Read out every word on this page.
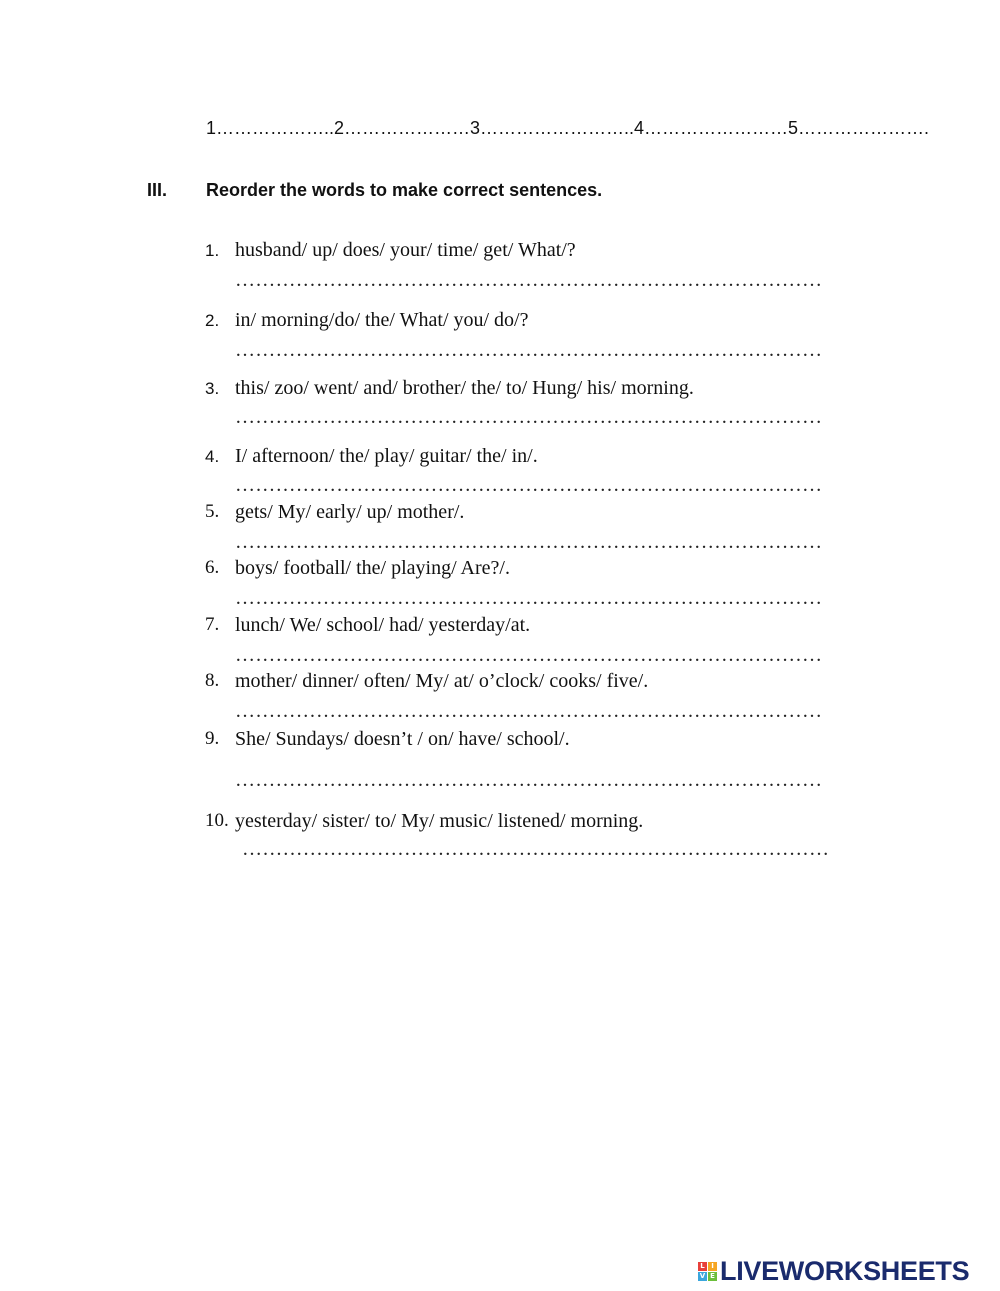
1………………..2…………………3……………………..4……………………5………………….
III. Reorder the words to make correct sentences.
1. husband/ up/ does/ your/ time/ get/ What/?
……………………………………………………………………………
2. in/ morning/do/ the/ What/ you/ do/?
……………………………………………………………………………
3. this/ zoo/ went/ and/ brother/ the/ to/ Hung/ his/ morning.
……………………………………………………………………………
4. I/ afternoon/ the/ play/ guitar/ the/ in/.
……………………………………………………………………………
5. gets/ My/ early/ up/ mother/.
……………………………………………………………………………
6. boys/ football/ the/ playing/ Are?/.
……………………………………………………………………………
7. lunch/ We/ school/ had/ yesterday/at.
……………………………………………………………………………
8. mother/ dinner/ often/ My/ at/ o’clock/ cooks/ five/.
……………………………………………………………………………
9. She/ Sundays/ doesn’t / on/ have/ school/.
……………………………………………………………………………
10. yesterday/ sister/ to/ My/ music/ listened/ morning.
……………………………………………………………………………
L I
V E LIVEWORKSHEETS
